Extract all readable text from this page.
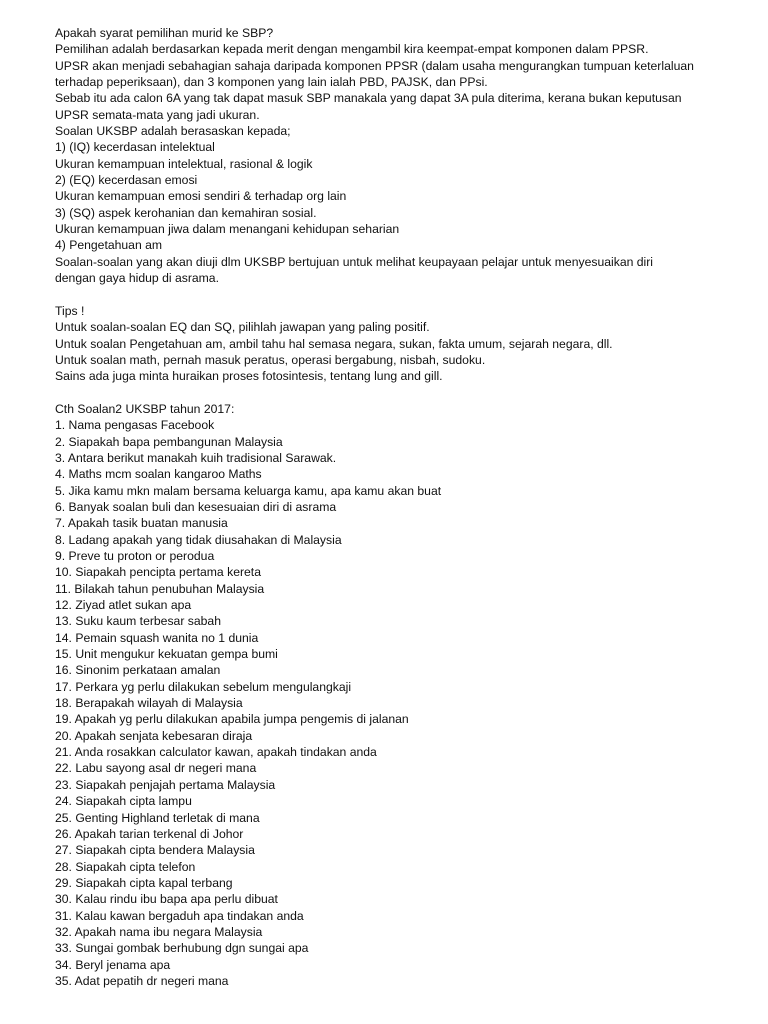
Apakah syarat pemilihan murid ke SBP?
Pemilihan adalah berdasarkan kepada merit dengan mengambil kira keempat-empat komponen dalam PPSR.
UPSR akan menjadi sebahagian sahaja daripada komponen PPSR (dalam usaha mengurangkan tumpuan keterlaluan
terhadap peperiksaan), dan 3 komponen yang lain ialah PBD, PAJSK, dan PPsi.
Sebab itu ada calon 6A yang tak dapat masuk SBP manakala yang dapat 3A pula diterima, kerana bukan keputusan
UPSR semata-mata yang jadi ukuran.
Soalan UKSBP adalah berasaskan kepada;
1) (IQ) kecerdasan intelektual
Ukuran kemampuan intelektual, rasional & logik
2) (EQ) kecerdasan emosi
Ukuran kemampuan emosi sendiri & terhadap org lain
3) (SQ) aspek kerohanian dan kemahiran sosial.
Ukuran kemampuan jiwa dalam menangani kehidupan seharian
4) Pengetahuan am
Soalan-soalan yang akan diuji dlm UKSBP bertujuan untuk melihat keupayaan pelajar untuk menyesuaikan diri
dengan gaya hidup di asrama.
Tips !
Untuk soalan-soalan EQ dan SQ, pilihlah jawapan yang paling positif.
Untuk soalan Pengetahuan am, ambil tahu hal semasa negara, sukan, fakta umum, sejarah negara, dll.
Untuk soalan math, pernah masuk peratus, operasi bergabung, nisbah, sudoku.
Sains ada juga minta huraikan proses fotosintesis, tentang lung and gill.
Cth Soalan2 UKSBP tahun 2017:
1. Nama pengasas Facebook
2. Siapakah bapa pembangunan Malaysia
3. Antara berikut manakah kuih tradisional Sarawak.
4. Maths mcm soalan kangaroo Maths
5. Jika kamu mkn malam bersama keluarga kamu, apa kamu akan buat
6. Banyak soalan buli dan kesesuaian diri di asrama
7. Apakah tasik buatan manusia
8. Ladang apakah yang tidak diusahakan di Malaysia
9. Preve tu proton or perodua
10. Siapakah pencipta pertama kereta
11. Bilakah tahun penubuhan Malaysia
12. Ziyad atlet sukan apa
13. Suku kaum terbesar sabah
14. Pemain squash wanita no 1 dunia
15. Unit mengukur kekuatan gempa bumi
16. Sinonim perkataan amalan
17. Perkara yg perlu dilakukan sebelum mengulangkaji
18. Berapakah wilayah di Malaysia
19. Apakah yg perlu dilakukan apabila jumpa pengemis di jalanan
20. Apakah senjata kebesaran diraja
21. Anda rosakkan calculator kawan, apakah tindakan anda
22. Labu sayong asal dr negeri mana
23. Siapakah penjajah pertama Malaysia
24. Siapakah cipta lampu
25. Genting Highland terletak di mana
26. Apakah tarian terkenal di Johor
27. Siapakah cipta bendera Malaysia
28. Siapakah cipta telefon
29. Siapakah cipta kapal terbang
30. Kalau rindu ibu bapa apa perlu dibuat
31. Kalau kawan bergaduh apa tindakan anda
32. Apakah nama ibu negara Malaysia
33. Sungai gombak berhubung dgn sungai apa
34. Beryl jenama apa
35. Adat pepatih dr negeri mana
